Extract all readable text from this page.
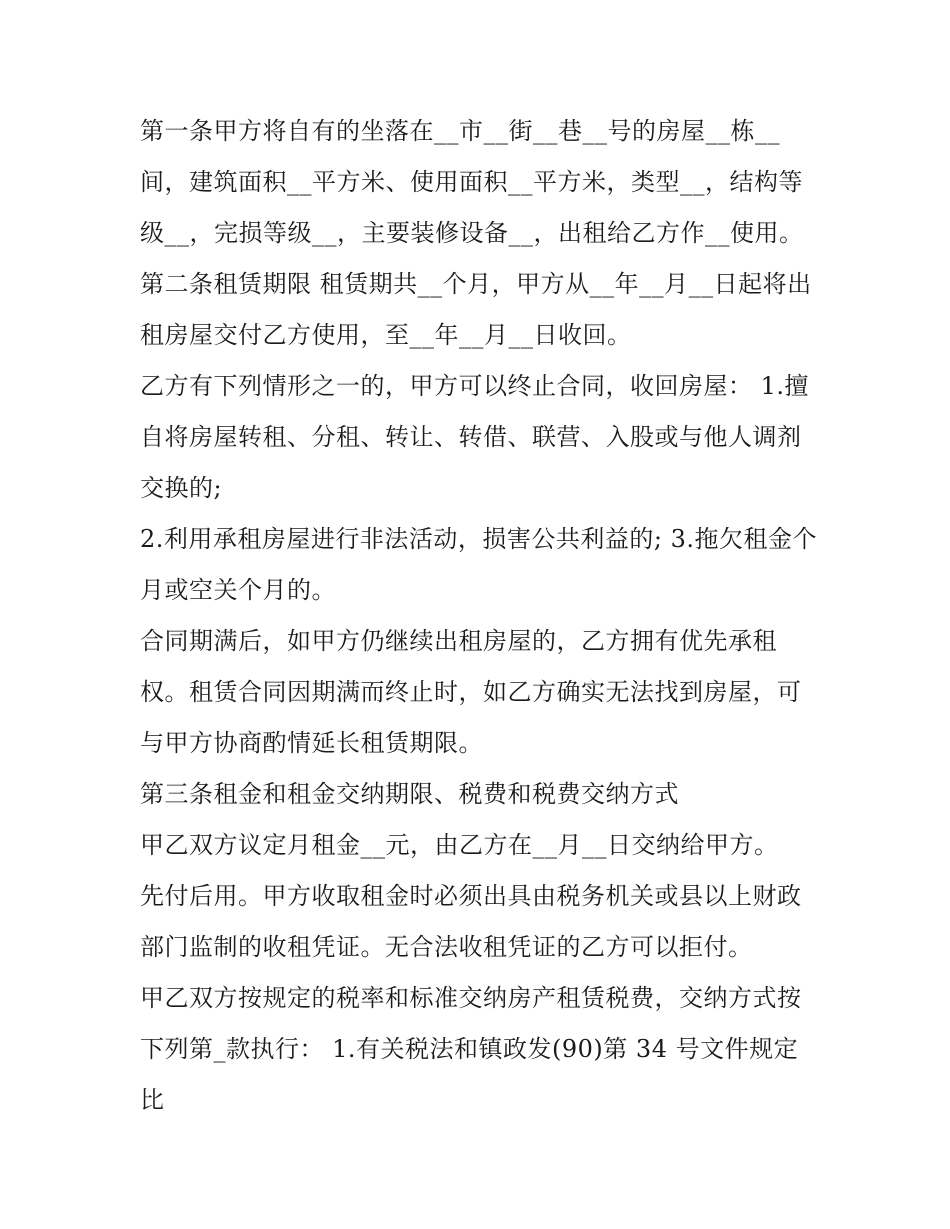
第一条甲方将自有的坐落在__市__街__巷__号的房屋__栋__间，建筑面积__平方米、使用面积__平方米，类型__，结构等级__，完损等级__，主要装修设备__，出租给乙方作__使用。

第二条租赁期限 租赁期共__个月，甲方从__年__月__日起将出租房屋交付乙方使用，至__年__月__日收回。

乙方有下列情形之一的，甲方可以终止合同，收回房屋： 1.擅自将房屋转租、分租、转让、转借、联营、入股或与他人调剂交换的;

2.利用承租房屋进行非法活动，损害公共利益的; 3.拖欠租金个月或空关个月的。

合同期满后，如甲方仍继续出租房屋的，乙方拥有优先承租权。租赁合同因期满而终止时，如乙方确实无法找到房屋，可与甲方协商酌情延长租赁期限。

第三条租金和租金交纳期限、税费和税费交纳方式

甲乙双方议定月租金__元，由乙方在__月__日交纳给甲方。

先付后用。甲方收取租金时必须出具由税务机关或县以上财政部门监制的收租凭证。无合法收租凭证的乙方可以拒付。

甲乙双方按规定的税率和标准交纳房产租赁税费，交纳方式按下列第_款执行： 1.有关税法和镇政发(90)第 34 号文件规定比
